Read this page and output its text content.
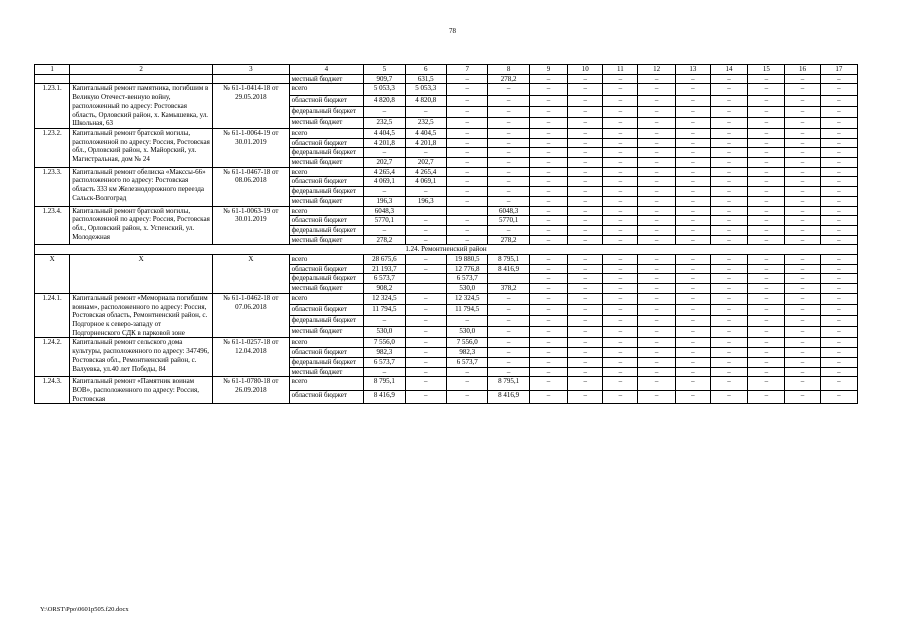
78
1	2	3	4	5	6	7	8	9	10	11	12	13	14	15	16	17
			местный бюджет	909,7	631,5	–	278,2	–	–	–	–	–	–	–	–	–
1.23.1.	Капитальный ремонт памятника, погибшим в Великую Отечест-венную войну, расположенный по адресу: Ростовская область, Орловский район, х. Камышевка, ул. Школьная, 63	№ 61-1-0414-18 от 29.05.2018	всего	5 053,3	5 053,3	–	–	–	–	–	–	–	–	–	–	–
			областной бюджет	4 820,8	4 820,8	–	–	–	–	–	–	–	–	–	–	–
			федеральный бюджет	–	–	–	–	–	–	–	–	–	–	–	–	–
			местный бюджет	232,5	232,5	–	–	–	–	–	–	–	–	–	–	–
1.23.2.	Капитальный ремонт братской могилы, расположенной по адресу: Россия, Ростовская обл., Орловский район, х. Майорский, ул. Магистральная, дом № 24	№ 61-1-0064-19 от 30.01.2019	всего	4 404,5	4 404,5	–	–	–	–	–	–	–	–	–	–	–
			областной бюджет	4 201,8	4 201,8	–	–	–	–	–	–	–	–	–	–	–
			федеральный бюджет	–	–	–	–	–	–	–	–	–	–	–	–	–
			местный бюджет	202,7	202,7	–	–	–	–	–	–	–	–	–	–	–
1.23.3.	Капитальный ремонт обелиска «Макссы-66» расположенного по адресу: Ростовская область 333 км Железнодорожного переезда Сальск-Волгоград	№ 61-1-0467-18 от 08.06.2018	всего	4 265,4	4 265,4	–	–	–	–	–	–	–	–	–	–	–
			областной бюджет	4 069,1	4 069,1	–	–	–	–	–	–	–	–	–	–	–
			федеральный бюджет	–	–	–	–	–	–	–	–	–	–	–	–	–
			местный бюджет	196,3	196,3	–	–	–	–	–	–	–	–	–	–	–
1.23.4.	Капитальный ремонт братской могилы, расположенной по адресу: Россия, Ростовская обл., Орловский район, х. Успенский, ул. Молодежная	№ 61-1-0063-19 от 30.01.2019	всего	6048,3			6048,3	–	–	–	–	–	–	–	–	–
			областной бюджет	5770,1	–	–	5770,1	–	–	–	–	–	–	–	–	–
			федеральный бюджет	–	–	–	–	–	–	–	–	–	–	–	–	–
			местный бюджет	278,2	–	–	278,2	–	–	–	–	–	–	–	–	–
1.24. Ремонтненский район																
X	X	X	всего	28 675,6	–	19 880,5	8 795,1	–	–	–	–	–	–	–	–	–
			областной бюджет	21 193,7	–	12 776,8	8 416,9	–	–	–	–	–	–	–	–	–
			федеральный бюджет	6 573,7		6 573,7		–	–	–	–	–	–	–	–	–
			местный бюджет	908,2		530,0	378,2	–	–	–	–	–	–	–	–	–
1.24.1.	Капитальный ремонт «Мемориала погибшим воинам», расположенного по адресу: Россия, Ростовская область, Ремонтненский район, с. Подгорное к северо-западу от Подгорненского СДК в парковой зоне	№ 61-1-0462-18 от 07.06.2018	всего	12 324,5	–	12 324,5	–	–	–	–	–	–	–	–	–	–
			областной бюджет	11 794,5	–	11 794,5	–	–	–	–	–	–	–	–	–	–
			федеральный бюджет	–	–	–	–	–	–	–	–	–	–	–	–	–
			местный бюджет	530,0	–	530,0	–	–	–	–	–	–	–	–	–	–
1.24.2.	Капитальный ремонт сельского дома культуры, расположенного по адресу: 347496, Ростовская обл., Ремонтненский район, с. Валуевка, ул.40 лет Победы, 84	№ 61-1-0257-18 от 12.04.2018	всего	7 556,0	–	7 556,0	–	–	–	–	–	–	–	–	–	–
			областной бюджет	982,3	–	982,3	–	–	–	–	–	–	–	–	–	–
			федеральный бюджет	6 573,7	–	6 573,7	–	–	–	–	–	–	–	–	–	–
			местный бюджет	–	–	–	–	–	–	–	–	–	–	–	–	–
1.24.3.	Капитальный ремонт «Памятник воинам ВОВ», расположенного по адресу: Россия, Ростовская	№ 61-1-0780-18 от 26.09.2018	всего	8 795,1	–	–	8 795,1	–	–	–	–	–	–	–	–	–
			областной бюджет	8 416,9	–	–	8 416,9	–	–	–	–	–	–	–	–	–
Y:\ORST\Ppo\0601p505.f20.docx
